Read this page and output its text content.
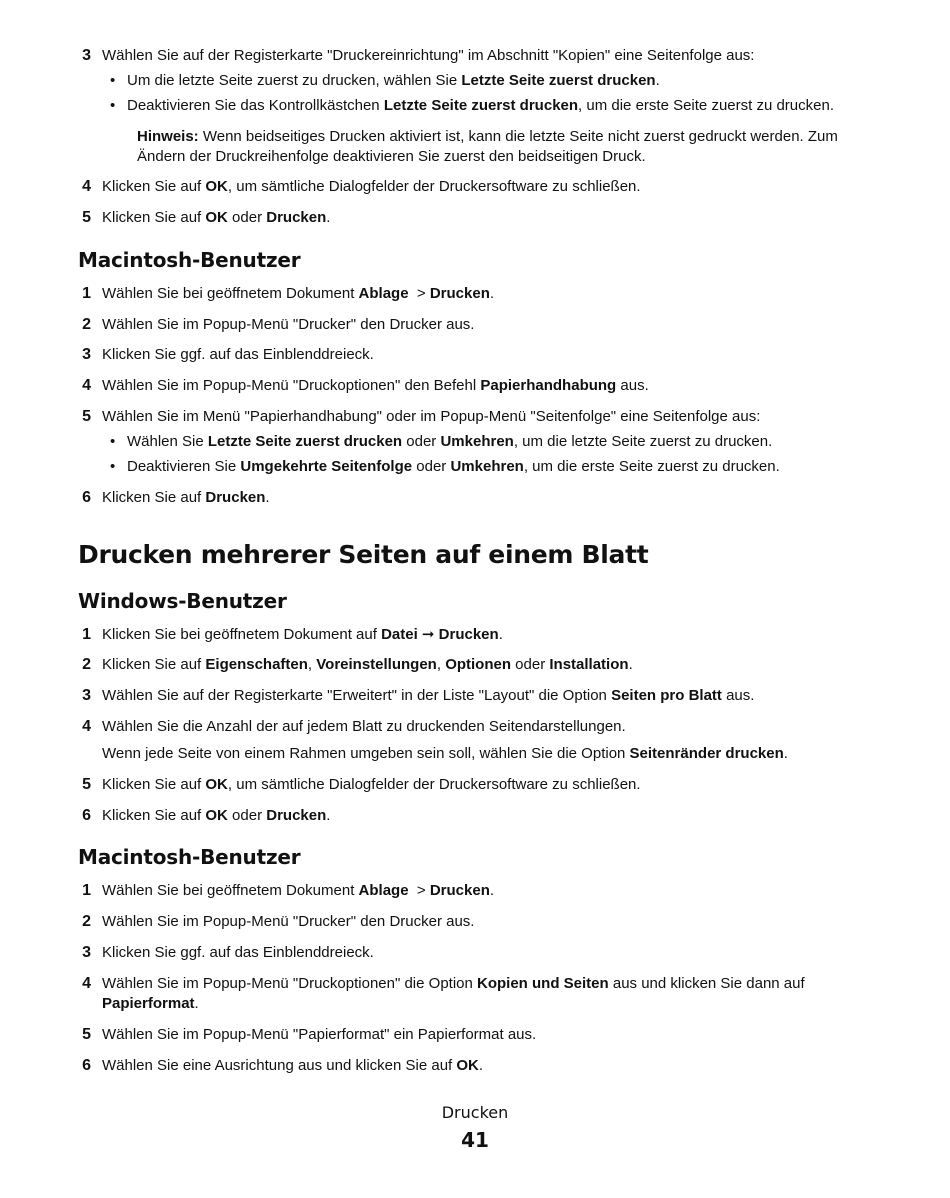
3 Wählen Sie auf der Registerkarte "Druckereinrichtung" im Abschnitt "Kopien" eine Seitenfolge aus:
• Um die letzte Seite zuerst zu drucken, wählen Sie Letzte Seite zuerst drucken.
• Deaktivieren Sie das Kontrollkästchen Letzte Seite zuerst drucken, um die erste Seite zuerst zu drucken.
Hinweis: Wenn beidseitiges Drucken aktiviert ist, kann die letzte Seite nicht zuerst gedruckt werden. Zum
Ändern der Druckreihenfolge deaktivieren Sie zuerst den beidseitigen Druck.
4 Klicken Sie auf OK, um sämtliche Dialogfelder der Druckersoftware zu schließen.
5 Klicken Sie auf OK oder Drucken.
Macintosh-Benutzer
1 Wählen Sie bei geöffnetem Dokument Ablage  > Drucken.
2 Wählen Sie im Popup-Menü "Drucker" den Drucker aus.
3 Klicken Sie ggf. auf das Einblenddreieck.
4 Wählen Sie im Popup-Menü "Druckoptionen" den Befehl Papierhandhabung aus.
5 Wählen Sie im Menü "Papierhandhabung" oder im Popup-Menü "Seitenfolge" eine Seitenfolge aus:
• Wählen Sie Letzte Seite zuerst drucken oder Umkehren, um die letzte Seite zuerst zu drucken.
• Deaktivieren Sie Umgekehrte Seitenfolge oder Umkehren, um die erste Seite zuerst zu drucken.
6 Klicken Sie auf Drucken.
Drucken mehrerer Seiten auf einem Blatt
Windows-Benutzer
1 Klicken Sie bei geöffnetem Dokument auf Datei ➞ Drucken.
2 Klicken Sie auf Eigenschaften, Voreinstellungen, Optionen oder Installation.
3 Wählen Sie auf der Registerkarte "Erweitert" in der Liste "Layout" die Option Seiten pro Blatt aus.
4 Wählen Sie die Anzahl der auf jedem Blatt zu druckenden Seitendarstellungen.
Wenn jede Seite von einem Rahmen umgeben sein soll, wählen Sie die Option Seitenränder drucken.
5 Klicken Sie auf OK, um sämtliche Dialogfelder der Druckersoftware zu schließen.
6 Klicken Sie auf OK oder Drucken.
Macintosh-Benutzer
1 Wählen Sie bei geöffnetem Dokument Ablage  > Drucken.
2 Wählen Sie im Popup-Menü "Drucker" den Drucker aus.
3 Klicken Sie ggf. auf das Einblenddreieck.
4 Wählen Sie im Popup-Menü "Druckoptionen" die Option Kopien und Seiten aus und klicken Sie dann auf
Papierformat.
5 Wählen Sie im Popup-Menü "Papierformat" ein Papierformat aus.
6 Wählen Sie eine Ausrichtung aus und klicken Sie auf OK.
Drucken
41
